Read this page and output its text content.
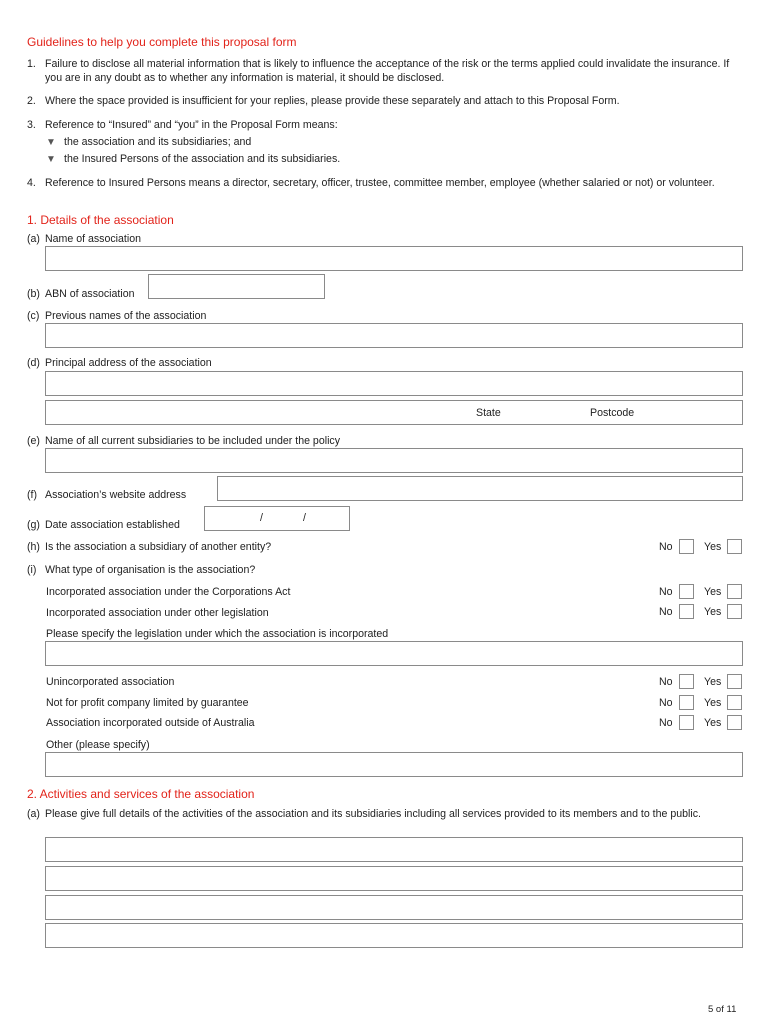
Guidelines to help you complete this proposal form
1. Failure to disclose all material information that is likely to influence the acceptance of the risk or the terms applied could invalidate the insurance. If you are in any doubt as to whether any information is material, it should be disclosed.
2. Where the space provided is insufficient for your replies, please provide these separately and attach to this Proposal Form.
3. Reference to “Insured” and “you” in the Proposal Form means:
▼ the association and its subsidiaries; and
▼ the Insured Persons of the association and its subsidiaries.
4. Reference to Insured Persons means a director, secretary, officer, trustee, committee member, employee (whether salaried or not) or volunteer.
1. Details of the association
(a) Name of association
(b) ABN of association
(c) Previous names of the association
(d) Principal address of the association
State	Postcode
(e) Name of all current subsidiaries to be included under the policy
(f) Association’s website address
(g) Date association established
/	/
(h) Is the association a subsidiary of another entity?	No	Yes
(i) What type of organisation is the association?
Incorporated association under the Corporations Act	No	Yes
Incorporated association under other legislation	No	Yes
Please specify the legislation under which the association is incorporated
Unincorporated association	No	Yes
Not for profit company limited by guarantee	No	Yes
Association incorporated outside of Australia	No	Yes
Other (please specify)
2. Activities and services of the association
(a) Please give full details of the activities of the association and its subsidiaries including all services provided to its members and to the public.
5 of 11
